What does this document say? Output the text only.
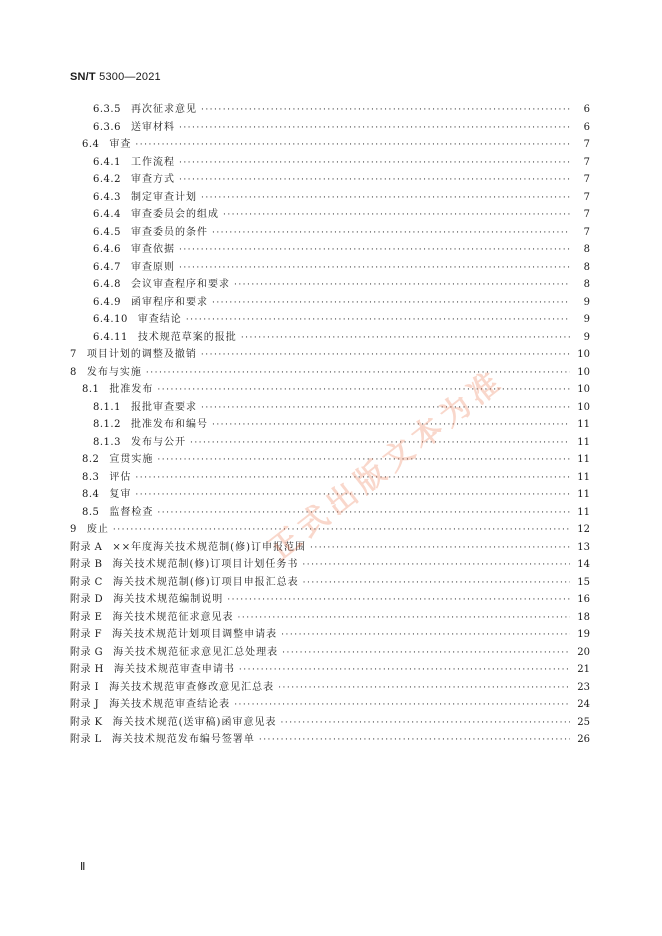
SN/T 5300—2021
6.3.5 再次征求意见 ·····	6
6.3.6 送审材料 ·····	6
6.4 审查 ·····	7
6.4.1 工作流程 ·····	7
6.4.2 审查方式 ·····	7
6.4.3 制定审查计划 ·····	7
6.4.4 审查委员会的组成 ·····	7
6.4.5 审查委员的条件 ·····	7
6.4.6 审查依据 ·····	8
6.4.7 审查原则 ·····	8
6.4.8 会议审查程序和要求 ·····	8
6.4.9 函审程序和要求 ·····	9
6.4.10 审查结论 ·····	9
6.4.11 技术规范草案的报批 ·····	9
7 项目计划的调整及撤销 ·····	10
8 发布与实施 ·····	10
8.1 批准发布 ·····	10
8.1.1 报批审查要求 ·····	10
8.1.2 批准发布和编号 ·····	11
8.1.3 发布与公开 ·····	11
8.2 宣贯实施 ·····	11
8.3 评估 ·····	11
8.4 复审 ·····	11
8.5 监督检查 ·····	11
9 废止 ·····	12
附录 A ××年度海关技术规范制(修)订申报范围 ·····	13
附录 B 海关技术规范制(修)订项目计划任务书 ·····	14
附录 C 海关技术规范制(修)订项目申报汇总表 ·····	15
附录 D 海关技术规范编制说明 ·····	16
附录 E 海关技术规范征求意见表 ·····	18
附录 F 海关技术规范计划项目调整申请表 ·····	19
附录 G 海关技术规范征求意见汇总处理表 ·····	20
附录 H 海关技术规范审查申请书 ·····	21
附录 I 海关技术规范审查修改意见汇总表 ·····	23
附录 J 海关技术规范审查结论表 ·····	24
附录 K 海关技术规范(送审稿)函审意见表 ·····	25
附录 L 海关技术规范发布编号签署单 ·····	26
正式出版文本为准
Ⅱ
